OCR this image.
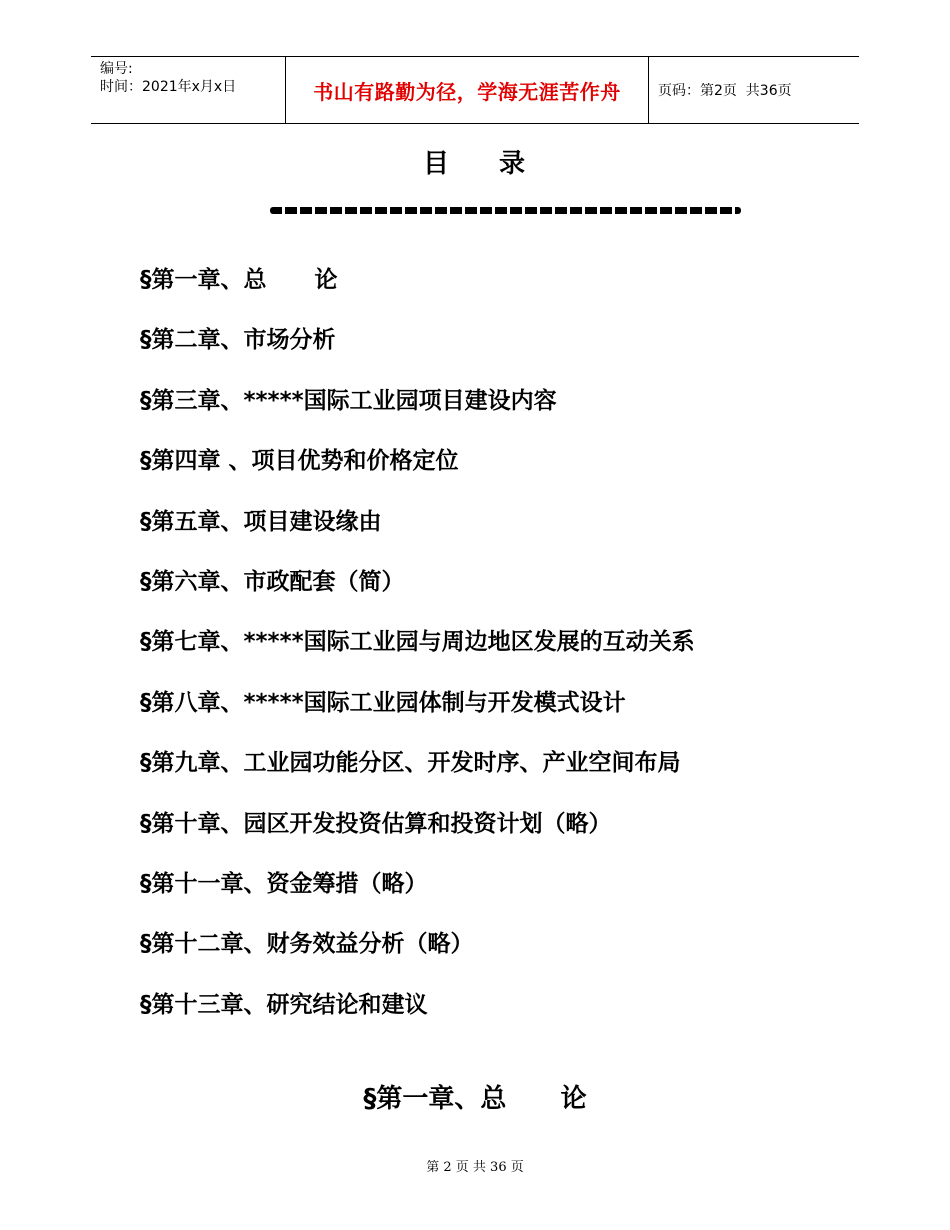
编号:
时间：2021年x月x日	书山有路勤为径，学海无涯苦作舟	页码：第2页  共36页
目 录
§第一章、总      论
§第二章、市场分析
§第三章、*****国际工业园项目建设内容
§第四章 、项目优势和价格定位
§第五章、项目建设缘由
§第六章、市政配套（简）
§第七章、*****国际工业园与周边地区发展的互动关系
§第八章、*****国际工业园体制与开发模式设计
§第九章、工业园功能分区、开发时序、产业空间布局
§第十章、园区开发投资估算和投资计划（略）
§第十一章、资金筹措（略）
§第十二章、财务效益分析（略）
§第十三章、研究结论和建议
§第一章、总      论
第 2 页 共 36 页
